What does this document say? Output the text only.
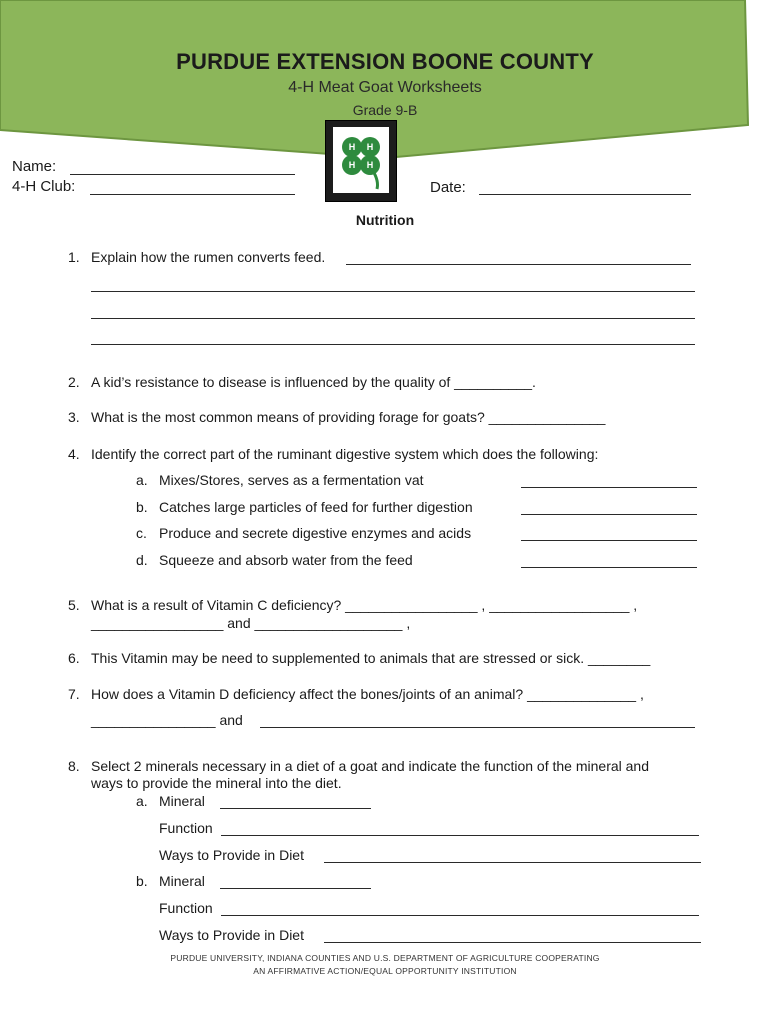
PURDUE EXTENSION BOONE COUNTY
4-H Meat Goat Worksheets
Grade 9-B
H H
H H
Name:
4-H Club:	Date:
Nutrition
1. Explain how the rumen converts feed.
2. A kid’s resistance to disease is influenced by the quality of __________.
3. What is the most common means of providing forage for goats? _______________
4. Identify the correct part of the ruminant digestive system which does the following:
a. Mixes/Stores, serves as a fermentation vat
b. Catches large particles of feed for further digestion
c. Produce and secrete digestive enzymes and acids
d. Squeeze and absorb water from the feed
5. What is a result of Vitamin C deficiency? _________________ , __________________ ,
_________________ and ___________________ ,
6. This Vitamin may be need to supplemented to animals that are stressed or sick. ________
7. How does a Vitamin D deficiency affect the bones/joints of an animal? ______________ ,
________________ and
8. Select 2 minerals necessary in a diet of a goat and indicate the function of the mineral and
ways to provide the mineral into the diet.
a. Mineral
Function
Ways to Provide in Diet
b. Mineral
Function
Ways to Provide in Diet
PURDUE UNIVERSITY, INDIANA COUNTIES AND U.S. DEPARTMENT OF AGRICULTURE COOPERATING
AN AFFIRMATIVE ACTION/EQUAL OPPORTUNITY INSTITUTION
